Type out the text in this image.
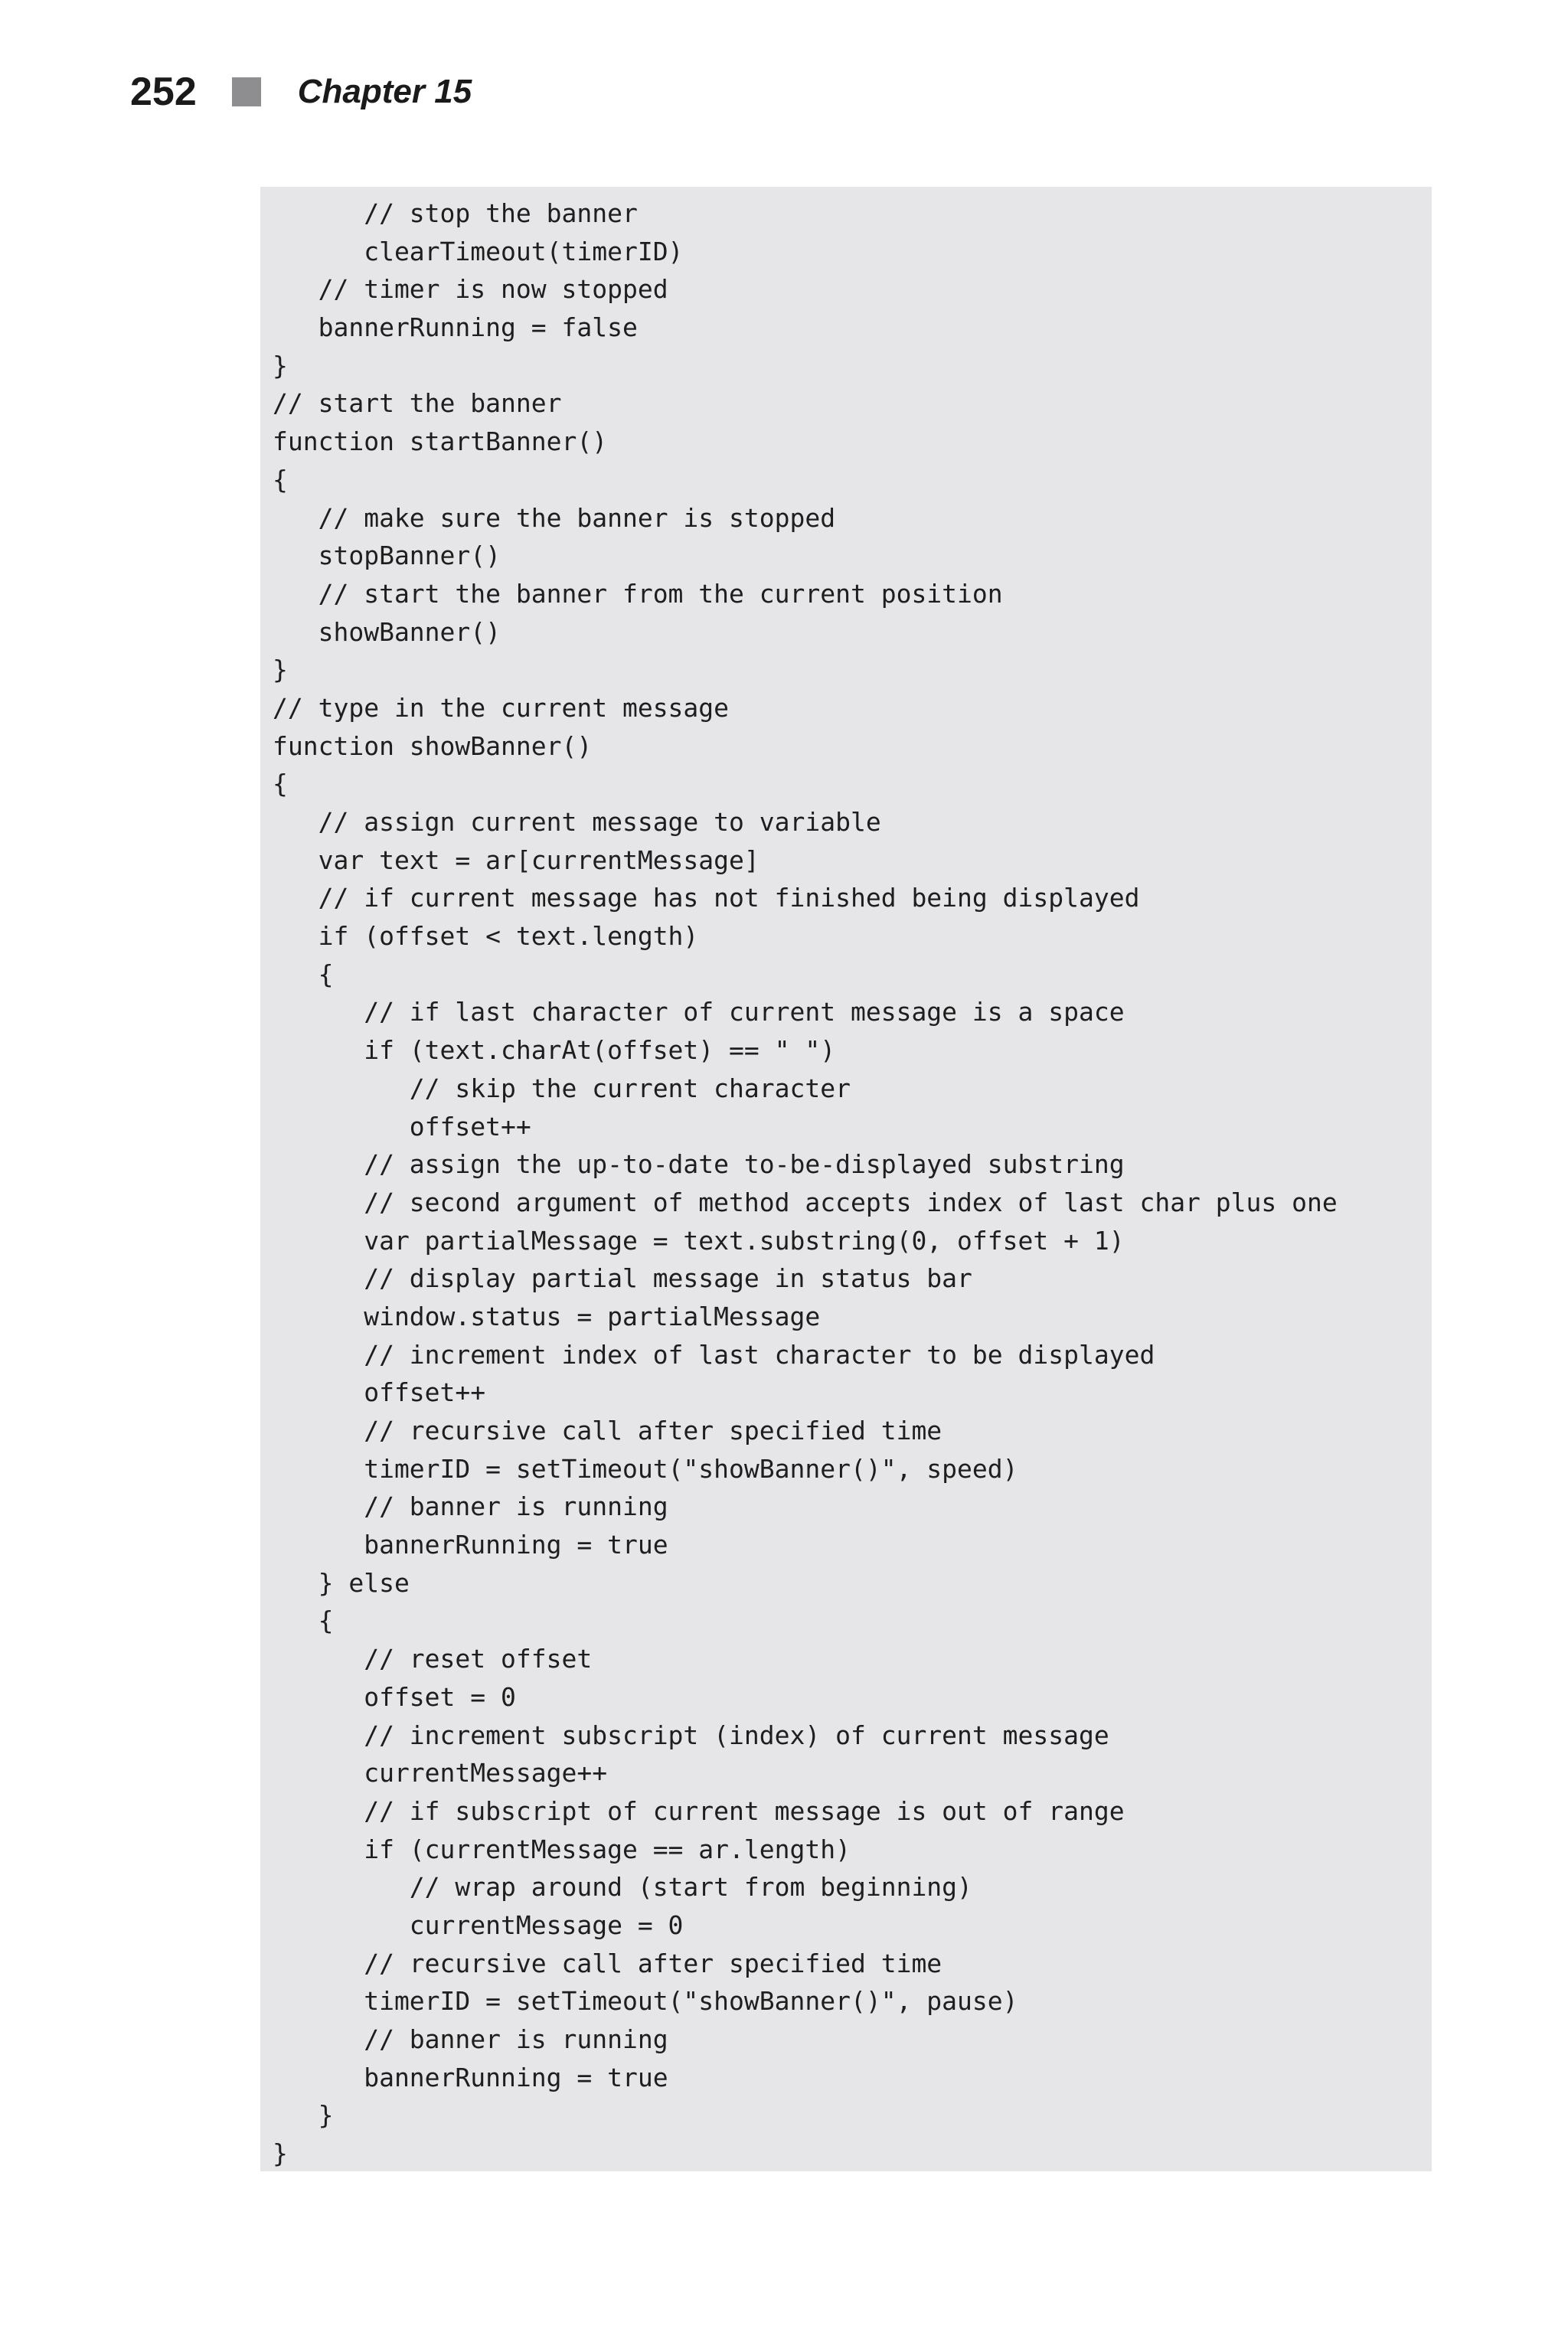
252	Chapter 15
// stop the banner
clearTimeout(timerID)
// timer is now stopped
bannerRunning = false
}
// start the banner
function startBanner()
{
// make sure the banner is stopped
stopBanner()
// start the banner from the current position
showBanner()
}
// type in the current message
function showBanner()
{
// assign current message to variable
var text = ar[currentMessage]
// if current message has not finished being displayed
if (offset < text.length)
{
// if last character of current message is a space
if (text.charAt(offset) == " ")
// skip the current character
offset++
// assign the up-to-date to-be-displayed substring
// second argument of method accepts index of last char plus one
var partialMessage = text.substring(0, offset + 1)
// display partial message in status bar
window.status = partialMessage
// increment index of last character to be displayed
offset++
// recursive call after specified time
timerID = setTimeout("showBanner()", speed)
// banner is running
bannerRunning = true
} else
{
// reset offset
offset = 0
// increment subscript (index) of current message
currentMessage++
// if subscript of current message is out of range
if (currentMessage == ar.length)
// wrap around (start from beginning)
currentMessage = 0
// recursive call after specified time
timerID = setTimeout("showBanner()", pause)
// banner is running
bannerRunning = true
}
}
